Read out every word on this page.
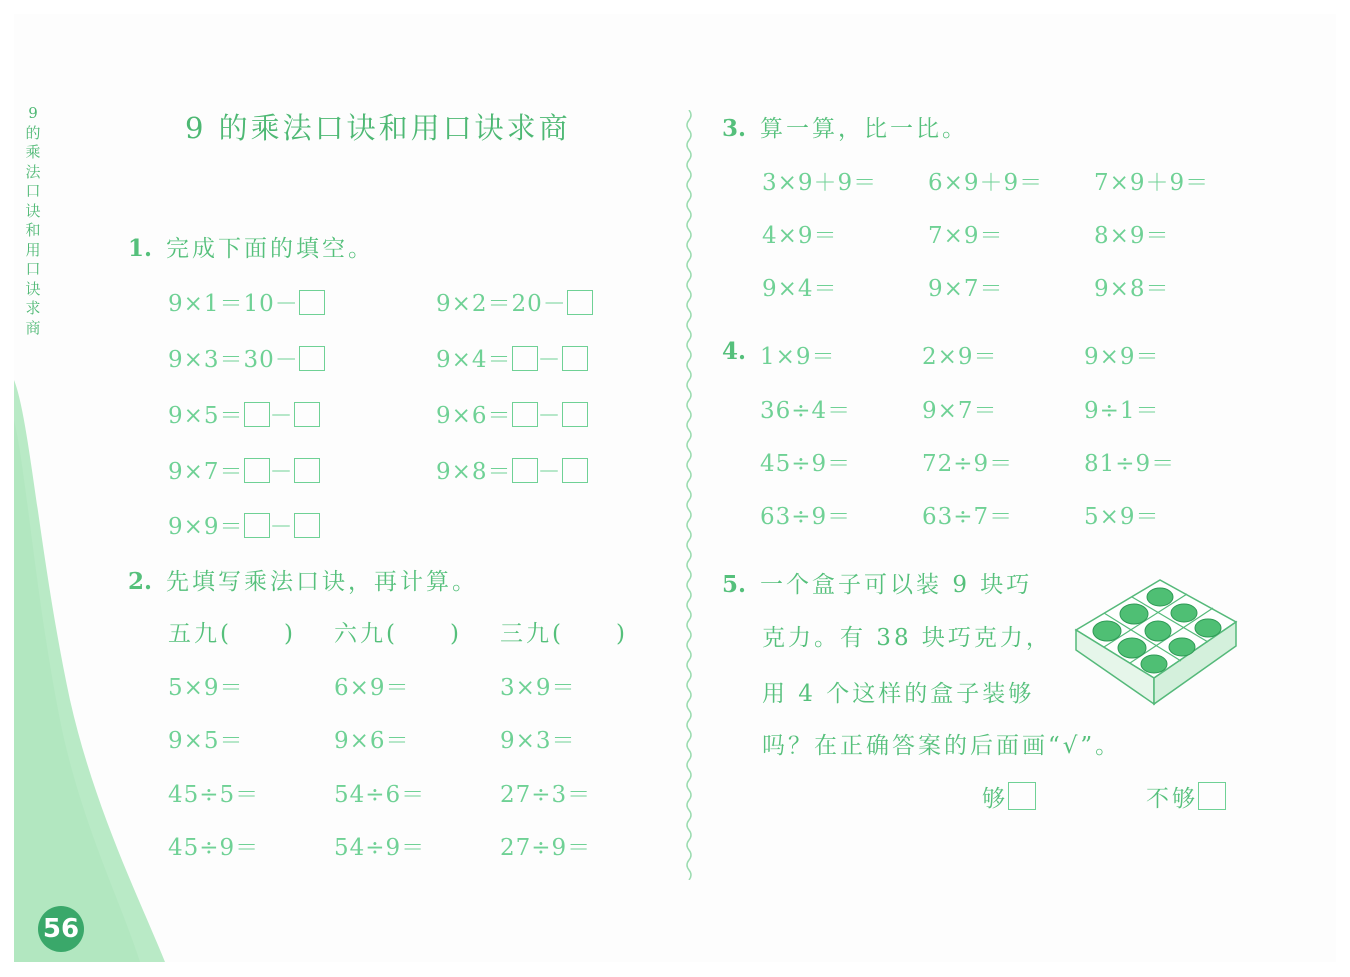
9
的
乘
法
口
诀
和
用
口
诀
求
商
56
9 的乘法口诀和用口诀求商
1. 完成下面的填空。
9×1＝10－	9×2＝20－
9×3＝30－	9×4＝ －
9×5＝ －	9×6＝ －
9×7＝ －	9×8＝ －
9×9＝ －
2. 先填写乘法口诀，再计算。
五九(　　) 六九(　　) 三九(　　)
5×9＝	6×9＝	3×9＝
9×5＝	9×6＝	9×3＝
45÷5＝	54÷6＝	27÷3＝
45÷9＝	54÷9＝	27÷9＝
3. 算一算，比一比。
3×9＋9＝ 6×9＋9＝ 7×9＋9＝
4×9＝	7×9＝	8×9＝
9×4＝	9×7＝	9×8＝
4. 1×9＝	2×9＝	9×9＝
36÷4＝	9×7＝	9÷1＝
45÷9＝	72÷9＝	81÷9＝
63÷9＝	63÷7＝	5×9＝
5. 一个盒子可以装 9 块巧
克力。有 38 块巧克力，
用 4 个这样的盒子装够
吗？在正确答案的后面画“√”。
够	不够
